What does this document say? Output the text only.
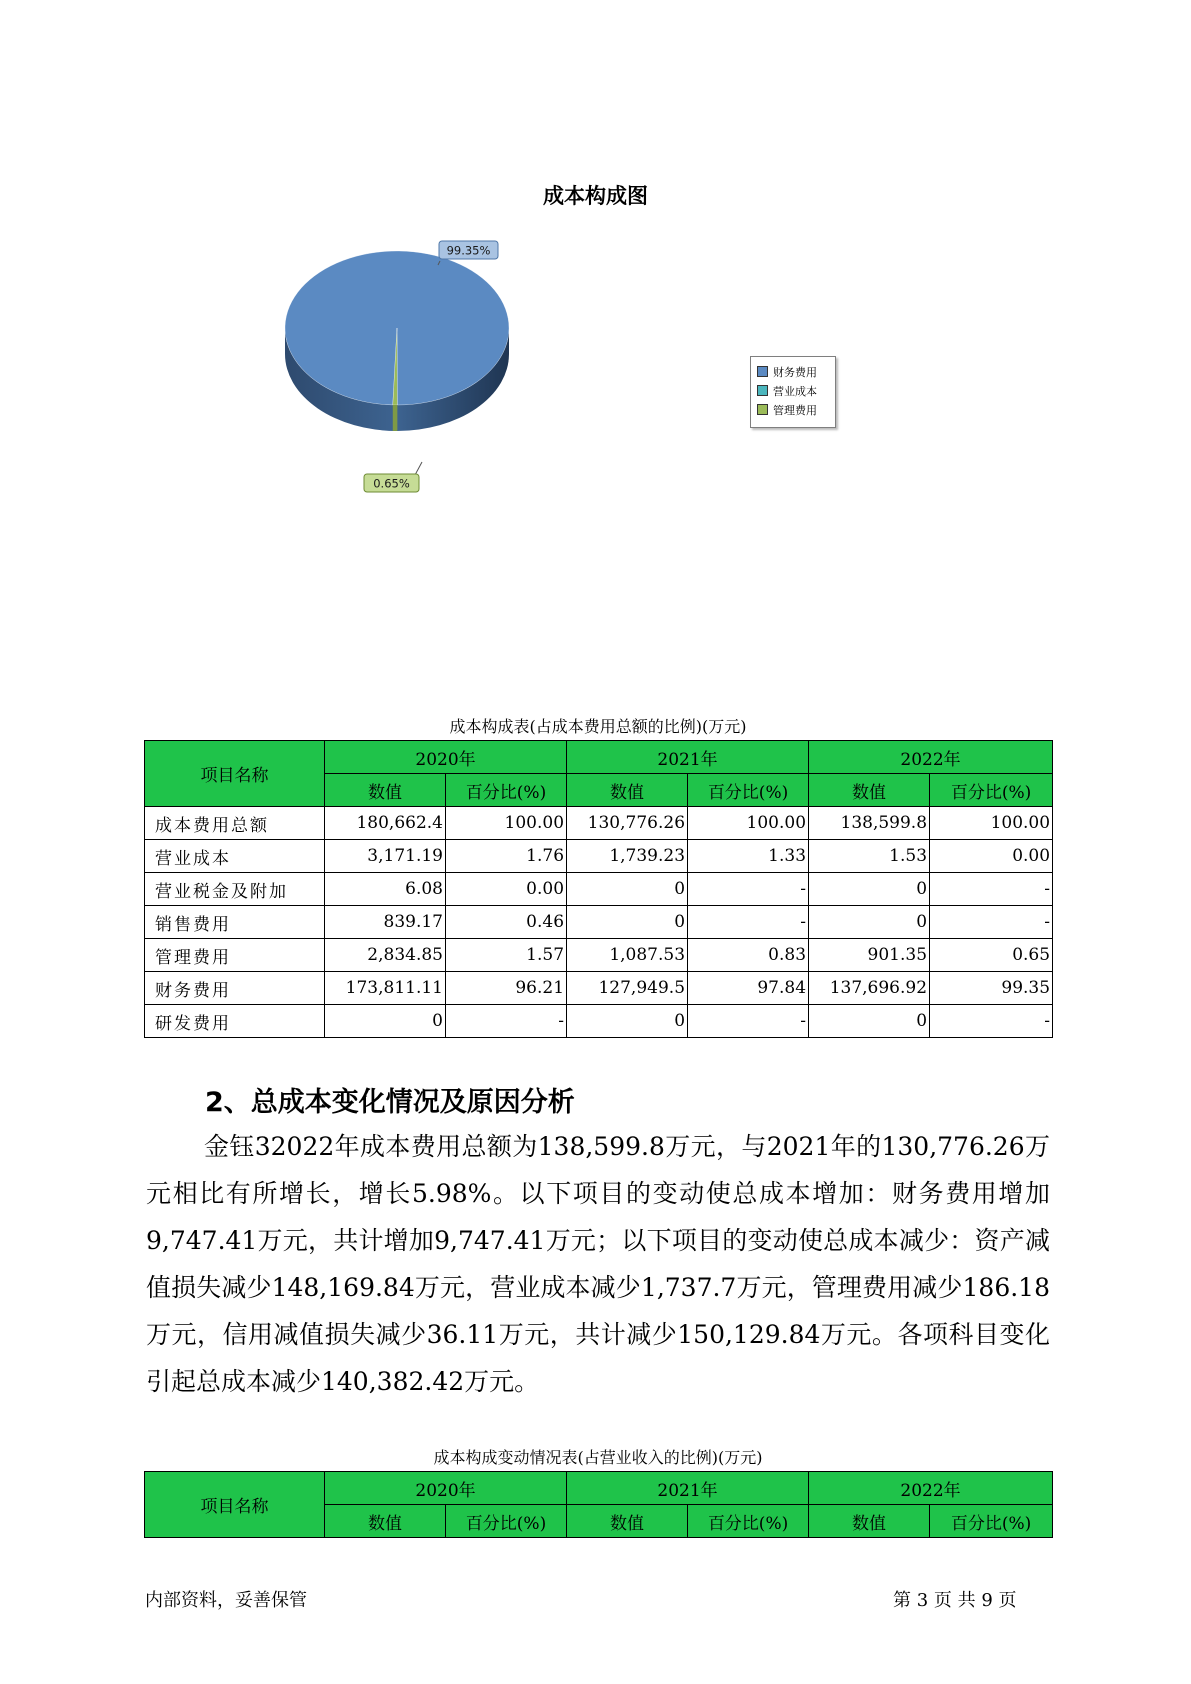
成本构成图
99.35%
0.65%
财务费用
营业成本
管理费用
成本构成表(占成本费用总额的比例)(万元)
项目名称	2020年		2021年		2022年	
	数值	百分比(%)	数值	百分比(%)	数值	百分比(%)
成本费用总额	180,662.4	100.00	130,776.26	100.00	138,599.8	100.00
营业成本	3,171.19	1.76	1,739.23	1.33	1.53	0.00
营业税金及附加	6.08	0.00	0	-	0	-
销售费用	839.17	0.46	0	-	0	-
管理费用	2,834.85	1.57	1,087.53	0.83	901.35	0.65
财务费用	173,811.11	96.21	127,949.5	97.84	137,696.92	99.35
研发费用	0	-	0	-	0	-
2、总成本变化情况及原因分析
金钰32022年成本费用总额为138,599.8万元，与2021年的130,776.26万元相比有所增长，增长5.98%。以下项目的变动使总成本增加：财务费用增加9,747.41万元，共计增加9,747.41万元；以下项目的变动使总成本减少：资产减值损失减少148,169.84万元，营业成本减少1,737.7万元，管理费用减少186.18万元，信用减值损失减少36.11万元，共计减少150,129.84万元。各项科目变化引起总成本减少140,382.42万元。
成本构成变动情况表(占营业收入的比例)(万元)
项目名称	2020年		2021年		2022年	
	数值	百分比(%)	数值	百分比(%)	数值	百分比(%)
内部资料，妥善保管	第 3 页 共 9 页
